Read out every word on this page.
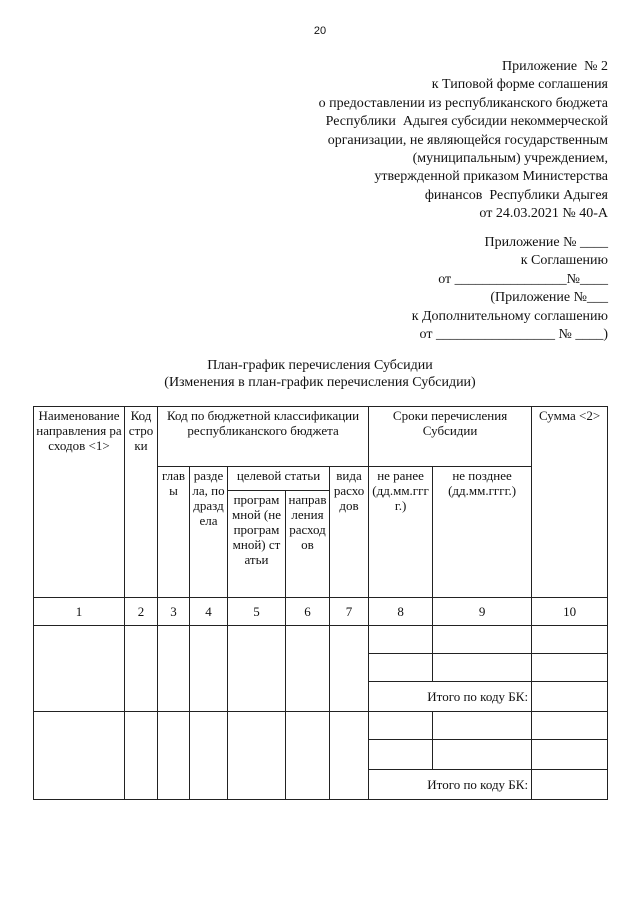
20
Приложение  № 2
к Типовой форме соглашения
о предоставлении из республиканского бюджета
Республики  Адыгея субсидии некоммерческой
организации, не являющейся государственным
(муниципальным) учреждением,
утвержденной приказом Министерства
финансов  Республики Адыгея
от 24.03.2021 № 40-А
Приложение № ____
к Соглашению
от ________________№____
(Приложение №___
к Дополнительному соглашению
от _________________ № ____)
План-график перечисления Субсидии
(Изменения в план-график перечисления Субсидии)
Наименование направления расходов <1>	Код строки	Код по бюджетной классификации республиканского бюджета					Сроки перечисления Субсидии		Сумма <2>
		главы	раздела, подраздела	целевой статьи		вида расходов	не ранее (дд.мм.гггг.)	не позднее (дд.мм.гггг.)	
				программной (непрограммной) статьи	направления расходов				
1	2	3	4	5	6	7	8	9	10

							Итого по коду БК:		

							Итого по коду БК:		
